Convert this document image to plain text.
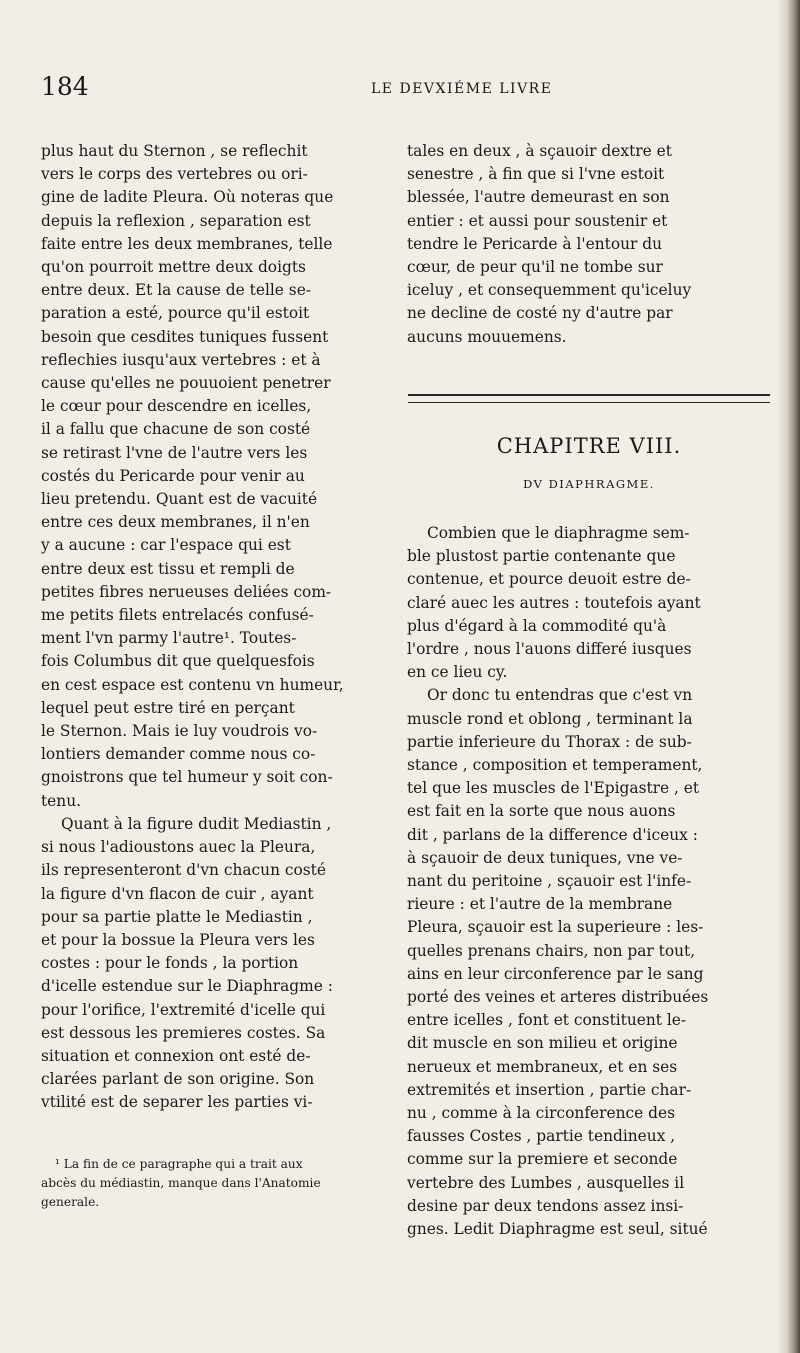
184	LE DEVXIÉME LIVRE

plus haut du Sternon , se reflechit
vers le corps des vertebres ou ori-
gine de ladite Pleura. Où noteras que
depuis la reflexion , separation est
faite entre les deux membranes, telle
qu'on pourroit mettre deux doigts
entre deux. Et la cause de telle se-
paration a esté, pource qu'il estoit
besoin que cesdites tuniques fussent
reflechies iusqu'aux vertebres : et à
cause qu'elles ne pouuoient penetrer
le cœur pour descendre en icelles,
il a fallu que chacune de son costé
se retirast l'vne de l'autre vers les
costés du Pericarde pour venir au
lieu pretendu. Quant est de vacuité
entre ces deux membranes, il n'en
y a aucune : car l'espace qui est
entre deux est tissu et rempli de
petites fibres nerueuses deliées com-
me petits filets entrelacés confusé-
ment l'vn parmy l'autre¹. Toutes-
fois Columbus dit que quelquesfois
en cest espace est contenu vn humeur,
lequel peut estre tiré en perçant
le Sternon. Mais ie luy voudrois vo-
lontiers demander comme nous co-
gnoistrons que tel humeur y soit con-
tenu.

Quant à la figure dudit Mediastin ,
si nous l'adioustons auec la Pleura,
ils representeront d'vn chacun costé
la figure d'vn flacon de cuir , ayant
pour sa partie platte le Mediastin ,
et pour la bossue la Pleura vers les
costes : pour le fonds , la portion
d'icelle estendue sur le Diaphragme :
pour l'orifice, l'extremité d'icelle qui
est dessous les premieres costes. Sa
situation et connexion ont esté de-
clarées parlant de son origine. Son
vtilité est de separer les parties vi-

¹ La fin de ce paragraphe qui a trait aux
abcès du médiastin, manque dans l'Anatomie
generale.

tales en deux , à sçauoir dextre et
senestre , à fin que si l'vne estoit
blessée, l'autre demeurast en son
entier : et aussi pour soustenir et
tendre le Pericarde à l'entour du
cœur, de peur qu'il ne tombe sur
iceluy , et consequemment qu'iceluy
ne decline de costé ny d'autre par
aucuns mouuemens.

CHAPITRE VIII.
DV DIAPHRAGME.

Combien que le diaphragme sem-
ble plustost partie contenante que
contenue, et pource deuoit estre de-
claré auec les autres : toutefois ayant
plus d'égard à la commodité qu'à
l'ordre , nous l'auons differé iusques
en ce lieu cy.

Or donc tu entendras que c'est vn
muscle rond et oblong , terminant la
partie inferieure du Thorax : de sub-
stance , composition et temperament,
tel que les muscles de l'Epigastre , et
est fait en la sorte que nous auons
dit , parlans de la difference d'iceux :
à sçauoir de deux tuniques, vne ve-
nant du peritoine , sçauoir est l'infe-
rieure : et l'autre de la membrane
Pleura, sçauoir est la superieure : les-
quelles prenans chairs, non par tout,
ains en leur circonference par le sang
porté des veines et arteres distribuées
entre icelles , font et constituent le-
dit muscle en son milieu et origine
nerueux et membraneux, et en ses
extremités et insertion , partie char-
nu , comme à la circonference des
fausses Costes , partie tendineux ,
comme sur la premiere et seconde
vertebre des Lumbes , ausquelles il
desine par deux tendons assez insi-
gnes. Ledit Diaphragme est seul, situé
